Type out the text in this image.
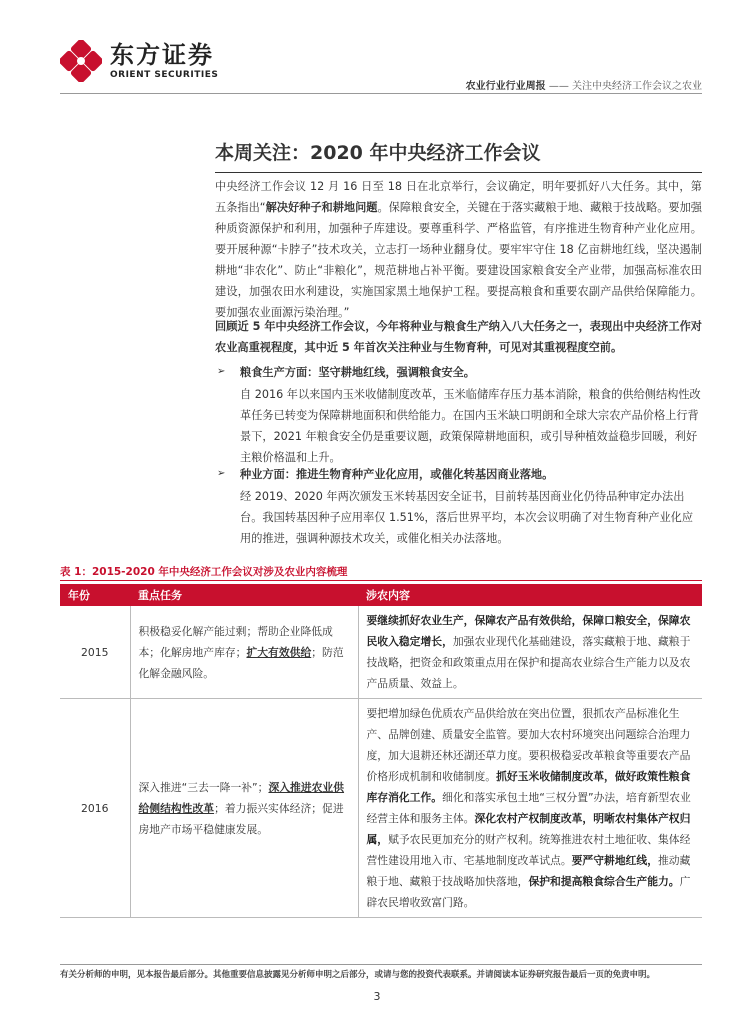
东方证券
ORIENT SECURITIES
农业行业行业周报 —— 关注中央经济工作会议之农业
本周关注：2020 年中央经济工作会议
中央经济工作会议 12 月 16 日至 18 日在北京举行，会议确定，明年要抓好八大任务。其中，第五条指出“解决好种子和耕地问题。保障粮食安全，关键在于落实藏粮于地、藏粮于技战略。要加强种质资源保护和利用，加强种子库建设。要尊重科学、严格监管，有序推进生物育种产业化应用。要开展种源“卡脖子”技术攻关，立志打一场种业翻身仗。要牢牢守住 18 亿亩耕地红线，坚决遏制耕地“非农化”、防止“非粮化”，规范耕地占补平衡。要建设国家粮食安全产业带，加强高标准农田建设，加强农田水利建设，实施国家黑土地保护工程。要提高粮食和重要农副产品供给保障能力。要加强农业面源污染治理。”
回顾近 5 年中央经济工作会议，今年将种业与粮食生产纳入八大任务之一，表现出中央经济工作对农业高重视程度，其中近 5 年首次关注种业与生物育种，可见对其重视程度空前。
➢ 粮食生产方面：坚守耕地红线，强调粮食安全。
自 2016 年以来国内玉米收储制度改革，玉米临储库存压力基本消除，粮食的供给侧结构性改革任务已转变为保障耕地面积和供给能力。在国内玉米缺口明朗和全球大宗农产品价格上行背景下，2021 年粮食安全仍是重要议题，政策保障耕地面积，或引导种植效益稳步回暖，利好主粮价格温和上升。
➢ 种业方面：推进生物育种产业化应用，或催化转基因商业落地。
经 2019、2020 年两次颁发玉米转基因安全证书，目前转基因商业化仍待品种审定办法出台。我国转基因种子应用率仅 1.51%，落后世界平均，本次会议明确了对生物育种产业化应用的推进，强调种源技术攻关，或催化相关办法落地。
表 1：2015-2020 年中央经济工作会议对涉及农业内容梳理
年份	重点任务	涉农内容
2015	积极稳妥化解产能过剩；帮助企业降低成本；化解房地产库存；扩大有效供给；防范化解金融风险。	要继续抓好农业生产，保障农产品有效供给，保障口粮安全，保障农民收入稳定增长，加强农业现代化基础建设，落实藏粮于地、藏粮于技战略，把资金和政策重点用在保护和提高农业综合生产能力以及农产品质量、效益上。
2016	深入推进“三去一降一补”；深入推进农业供给侧结构性改革；着力振兴实体经济；促进房地产市场平稳健康发展。	要把增加绿色优质农产品供给放在突出位置，狠抓农产品标准化生产、品牌创建、质量安全监管。要加大农村环境突出问题综合治理力度，加大退耕还林还湖还草力度。要积极稳妥改革粮食等重要农产品价格形成机制和收储制度。抓好玉米收储制度改革，做好政策性粮食库存消化工作。细化和落实承包土地“三权分置”办法，培育新型农业经营主体和服务主体。深化农村产权制度改革，明晰农村集体产权归属，赋予农民更加充分的财产权利。统筹推进农村土地征收、集体经营性建设用地入市、宅基地制度改革试点。要严守耕地红线，推动藏粮于地、藏粮于技战略加快落地，保护和提高粮食综合生产能力。广辟农民增收致富门路。
有关分析师的申明，见本报告最后部分。其他重要信息披露见分析师申明之后部分，或请与您的投资代表联系。并请阅读本证券研究报告最后一页的免责申明。
3
